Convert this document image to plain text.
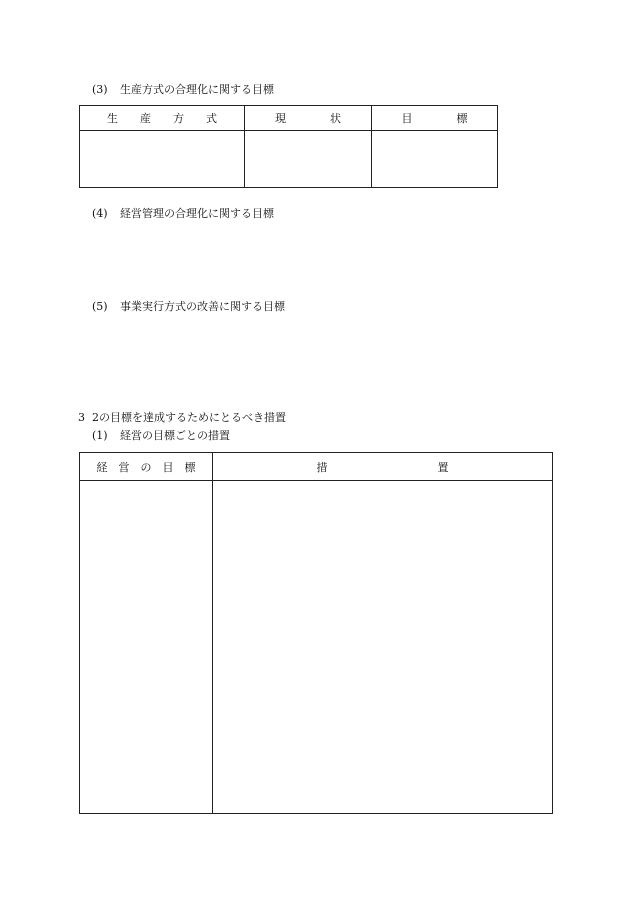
(3) 生産方式の合理化に関する目標
生　　産　　方　　式	現　　　　状	目　　　　標

(4) 経営管理の合理化に関する目標
(5) 事業実行方式の改善に関する目標
3 2の目標を達成するためにとるべき措置
(1) 経営の目標ごとの措置
経　営　の　目　標	措　　　　　　　　　　置
